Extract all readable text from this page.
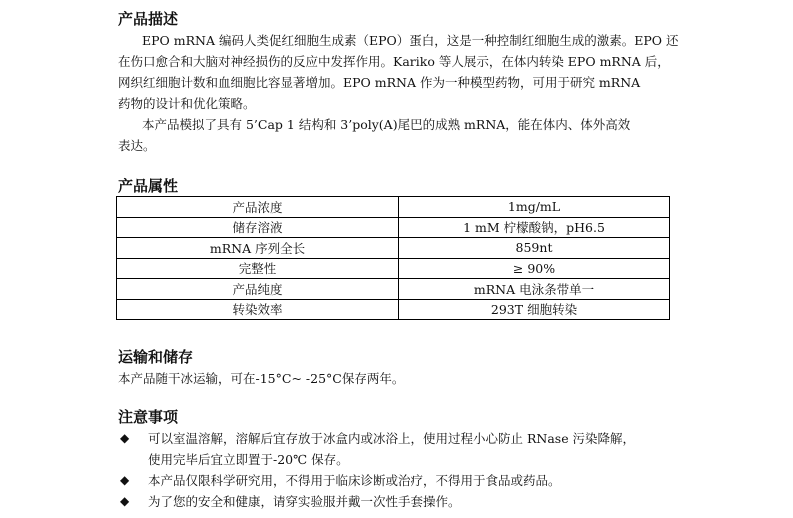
产品描述
EPO mRNA 编码人类促红细胞生成素（EPO）蛋白，这是一种控制红细胞生成的激素。EPO 还
在伤口愈合和大脑对神经损伤的反应中发挥作用。Kariko 等人展示，在体内转染 EPO mRNA 后，
网织红细胞计数和血细胞比容显著增加。EPO mRNA 作为一种模型药物，可用于研究 mRNA
药物的设计和优化策略。
本产品模拟了具有 5’Cap 1 结构和 3’poly(A)尾巴的成熟 mRNA，能在体内、体外高效
表达。
产品属性
产品浓度	1mg/mL
储存溶液	1 mM 柠檬酸钠，pH6.5
mRNA 序列全长	859nt
完整性	≥ 90%
产品纯度	mRNA 电泳条带单一
转染效率	293T 细胞转染
运输和储存
本产品随干冰运输，可在-15°C~ -25°C保存两年。
注意事项
◆ 可以室温溶解，溶解后宜存放于冰盒内或冰浴上，使用过程小心防止 RNase 污染降解，
使用完毕后宜立即置于-20℃ 保存。
◆ 本产品仅限科学研究用，不得用于临床诊断或治疗，不得用于食品或药品。
◆ 为了您的安全和健康，请穿实验服并戴一次性手套操作。
